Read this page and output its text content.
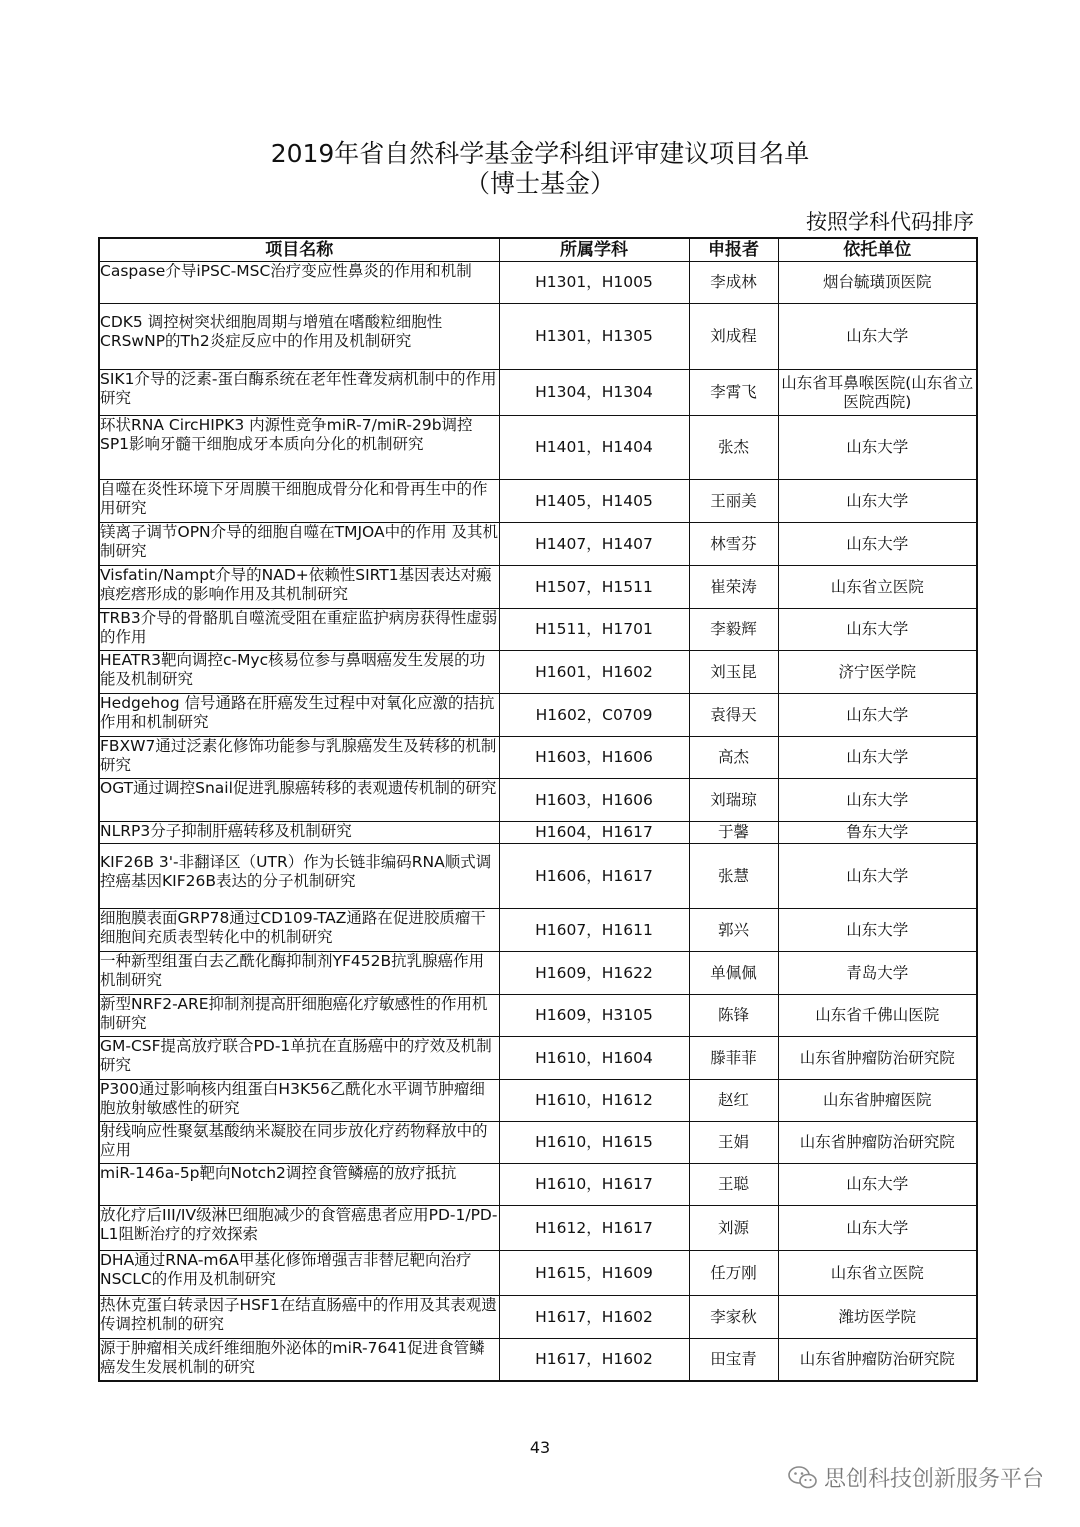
2019年省自然科学基金学科组评审建议项目名单
（博士基金）
按照学科代码排序
项目名称	所属学科	申报者	依托单位
Caspase介导iPSC-MSC治疗变应性鼻炎的作用和机制	H1301，H1005	李成林	烟台毓璜顶医院
CDK5 调控树突状细胞周期与增殖在嗜酸粒细胞性CRSwNP的Th2炎症反应中的作用及机制研究	H1301，H1305	刘成程	山东大学
SIK1介导的泛素-蛋白酶系统在老年性聋发病机制中的作用研究	H1304，H1304	李霄飞	山东省耳鼻喉医院(山东省立医院西院)
环状RNA CircHIPK3 内源性竞争miR-7/miR-29b调控SP1影响牙髓干细胞成牙本质向分化的机制研究	H1401，H1404	张杰	山东大学
自噬在炎性环境下牙周膜干细胞成骨分化和骨再生中的作用研究	H1405，H1405	王丽美	山东大学
镁离子调节OPN介导的细胞自噬在TMJOA中的作用 及其机制研究	H1407，H1407	林雪芬	山东大学
Visfatin/Nampt介导的NAD+依赖性SIRT1基因表达对瘢痕疙瘩形成的影响作用及其机制研究	H1507，H1511	崔荣涛	山东省立医院
TRB3介导的骨骼肌自噬流受阻在重症监护病房获得性虚弱的作用	H1511，H1701	李毅辉	山东大学
HEATR3靶向调控c-Myc核易位参与鼻咽癌发生发展的功能及机制研究	H1601，H1602	刘玉昆	济宁医学院
Hedgehog 信号通路在肝癌发生过程中对氧化应激的拮抗作用和机制研究	H1602，C0709	袁得天	山东大学
FBXW7通过泛素化修饰功能参与乳腺癌发生及转移的机制研究	H1603，H1606	高杰	山东大学
OGT通过调控Snail促进乳腺癌转移的表观遗传机制的研究	H1603，H1606	刘瑞琼	山东大学
NLRP3分子抑制肝癌转移及机制研究	H1604，H1617	于馨	鲁东大学
KIF26B 3'-非翻译区（UTR）作为长链非编码RNA顺式调控癌基因KIF26B表达的分子机制研究	H1606，H1617	张慧	山东大学
细胞膜表面GRP78通过CD109-TAZ通路在促进胶质瘤干细胞间充质表型转化中的机制研究	H1607，H1611	郭兴	山东大学
一种新型组蛋白去乙酰化酶抑制剂YF452B抗乳腺癌作用机制研究	H1609，H1622	单佩佩	青岛大学
新型NRF2-ARE抑制剂提高肝细胞癌化疗敏感性的作用机制研究	H1609，H3105	陈锋	山东省千佛山医院
GM-CSF提高放疗联合PD-1单抗在直肠癌中的疗效及机制研究	H1610，H1604	滕菲菲	山东省肿瘤防治研究院
P300通过影响核内组蛋白H3K56乙酰化水平调节肿瘤细胞放射敏感性的研究	H1610，H1612	赵红	山东省肿瘤医院
射线响应性聚氨基酸纳米凝胶在同步放化疗药物释放中的应用	H1610，H1615	王娟	山东省肿瘤防治研究院
miR-146a-5p靶向Notch2调控食管鳞癌的放疗抵抗	H1610，H1617	王聪	山东大学
放化疗后III/IV级淋巴细胞减少的食管癌患者应用PD-1/PD-L1阻断治疗的疗效探索	H1612，H1617	刘源	山东大学
DHA通过RNA-m6A甲基化修饰增强吉非替尼靶向治疗NSCLC的作用及机制研究	H1615，H1609	任万刚	山东省立医院
热休克蛋白转录因子HSF1在结直肠癌中的作用及其表观遗传调控机制的研究	H1617，H1602	李家秋	潍坊医学院
源于肿瘤相关成纤维细胞外泌体的miR-7641促进食管鳞癌发生发展机制的研究	H1617，H1602	田宝青	山东省肿瘤防治研究院
43
思创科技创新服务平台
